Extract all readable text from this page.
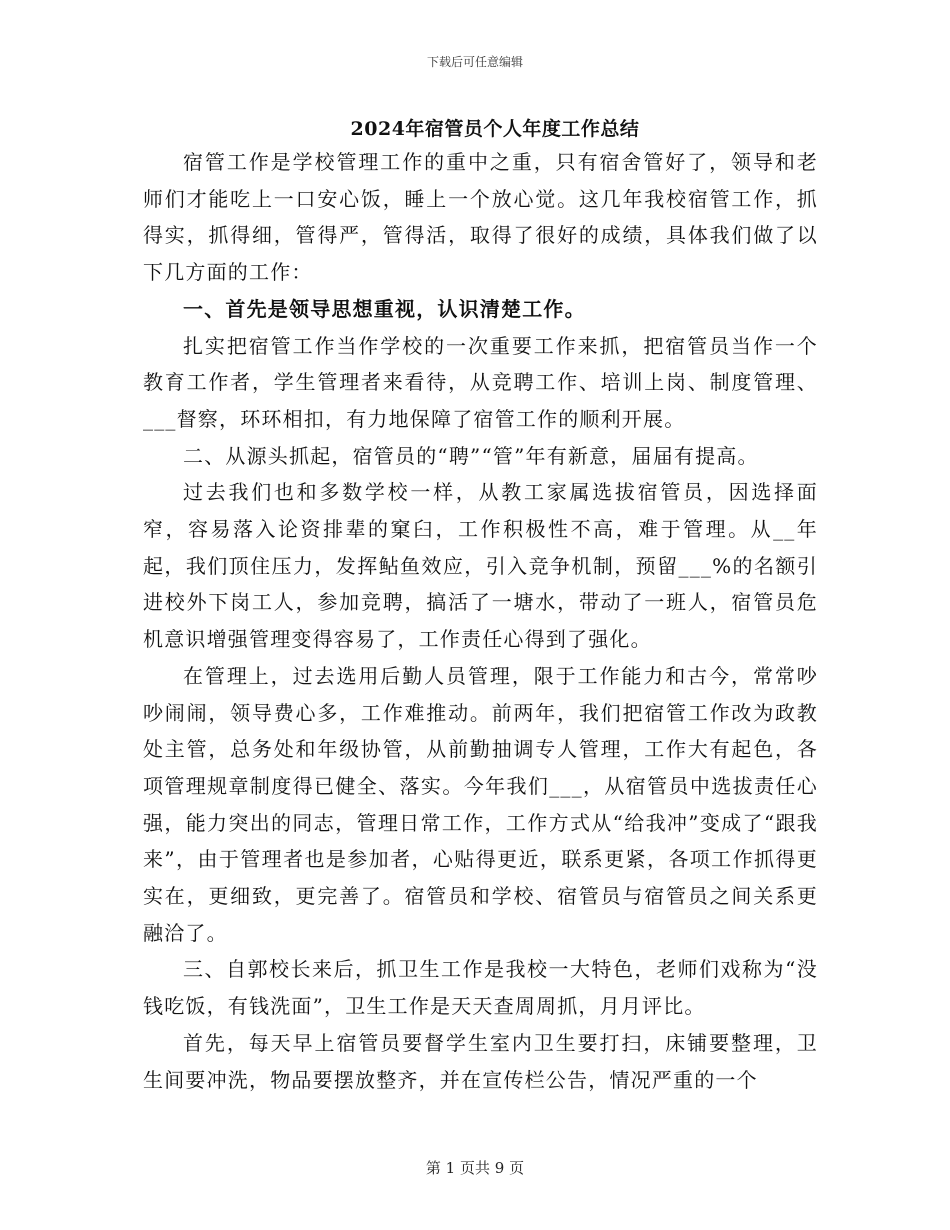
下载后可任意编辑
2024年宿管员个人年度工作总结

宿管工作是学校管理工作的重中之重，只有宿舍管好了，领导和老师们才能吃上一口安心饭，睡上一个放心觉。这几年我校宿管工作，抓得实，抓得细，管得严，管得活，取得了很好的成绩，具体我们做了以下几方面的工作：

一、首先是领导思想重视，认识清楚工作。

扎实把宿管工作当作学校的一次重要工作来抓，把宿管员当作一个教育工作者，学生管理者来看待，从竞聘工作、培训上岗、制度管理、___督察，环环相扣，有力地保障了宿管工作的顺利开展。

二、从源头抓起，宿管员的“聘”“管”年有新意，届届有提高。

过去我们也和多数学校一样，从教工家属选拔宿管员，因选择面窄，容易落入论资排辈的窠臼，工作积极性不高，难于管理。从__年起，我们顶住压力，发挥鲇鱼效应，引入竞争机制，预留___%的名额引进校外下岗工人，参加竞聘，搞活了一塘水，带动了一班人，宿管员危机意识增强管理变得容易了，工作责任心得到了强化。

在管理上，过去选用后勤人员管理，限于工作能力和古今，常常吵吵闹闹，领导费心多，工作难推动。前两年，我们把宿管工作改为政教处主管，总务处和年级协管，从前勤抽调专人管理，工作大有起色，各项管理规章制度得已健全、落实。今年我们___，从宿管员中选拔责任心强，能力突出的同志，管理日常工作，工作方式从“给我冲”变成了“跟我来”，由于管理者也是参加者，心贴得更近，联系更紧，各项工作抓得更实在，更细致，更完善了。宿管员和学校、宿管员与宿管员之间关系更融洽了。

三、自郭校长来后，抓卫生工作是我校一大特色，老师们戏称为“没钱吃饭，有钱洗面”，卫生工作是天天查周周抓，月月评比。

首先，每天早上宿管员要督学生室内卫生要打扫，床铺要整理，卫生间要冲洗，物品要摆放整齐，并在宣传栏公告，情况严重的一个

第 1 页共 9 页
